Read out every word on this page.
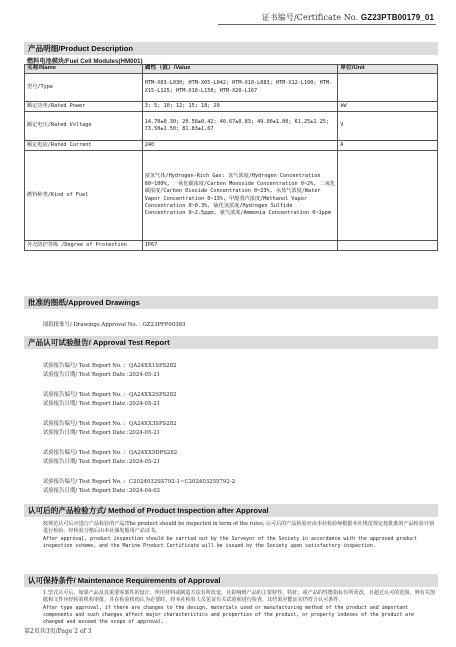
证书编号/Certificate No. GZ23PTB00179_01
产品明细/Product Description
燃料电池模块/Fuel Cell Modules(HM001)
名称/Name	属性（值）/Value	单位/Unit
型号/Type	HTM-X03-L030; HTM-X05-L042; HTM-X10-L083; HTM-X12-L100; HTM-X15-L125; HTM-X18-L150; HTM-X20-L167	
额定功率/Rated Power	3; 5; 10; 12; 15; 18; 20	kW
额定电压/Rated Voltage	14.70±0.30; 20.58±0.42; 40.67±0.83; 49.00±1.00; 61.25±1.25; 73.50±1.50; 81.83±1.67	V
额定电流/Rated Current	240	A
燃料种类/Kind of Fuel	富氢气体/Hydrogen-Rich Gas: 氢气浓度/Hydrogen Concentration 60~100%, 一氧化碳浓度/Carbon Monoxide Concentration 0~2%, 二氧化碳浓度/Carbon Dioxide Concentration 0~23%, 水蒸气浓度/Water Vapor Concentration 0~13%, 甲醇蒸汽浓度/Methanol Vapor Concentration 0~0.3%, 硫化氢浓度/Hydrogen Sulfide Concentration 0~2.5ppm, 氨气浓度/Ammonia Concentration 0~1ppm	
外壳防护等级 /Degree of Protection	IP67	
批准的图纸/Approved Drawings
图纸批准号/ Drawings Approval No. : GZ23PFP00383
产品认可试验报告/ Approval Test Report
试验报告编号/ Test Report No. : QA24XX1SPS282
试验报告日期/ Test Report Date :2024-05-21
试验报告编号/ Test Report No. : QA24XX2SPS282
试验报告日期/ Test Report Date :2024-05-21
试验报告编号/ Test Report No. : QA24XX3SPS282
试验报告日期/ Test Report Date :2024-05-21
试验报告编号/ Test Report No. : QA24XX5DPS282
试验报告日期/ Test Report Date :2024-05-21
试验报告编号/ Test Report No. : C2024032SS792-1~C202403255792-2
试验报告日期/ Test Report Date :2024-04-02
认可后的产品检验方式/ Method of Product Inspection after Approval
按规范认可后应进行产品检验的产品/The product should be inspected in term of the rules; 认可后的产品检验应由本社检验师根据本社规范规定按批准的产品检验计划进行检验，经检验合格后由本社颁发船用产品证书。
After approval, product inspection should be carried out by the Surveyor of the Society in accordance with the approved product inspection scheme, and the Marine Product Certificate will be issued by the Society upon satisfactory inspection.
认可保持条件/ Maintenance Requirements of Approval
1.型式认可后，如果产品及其重要零部件的设计、所用材料或制造方法有所改变，且影响到产品的主要特性、特征；或产品的性能指标有所更改，且超过认可的范围，则有关图纸和文件应经检验机构审批，并在检验机构认为必要时，经本社检验人员见证有关试验和进行检查，其结果应能证实仍符合认可条件。
After type approval, if there are changes to the design, materials used or manufacturing method of the product and important components and such changes affect major characteristics and properties of the product, or property indexes of the product are changed and exceed the scope of approval,
第2页共3页/Page 2 of 3
